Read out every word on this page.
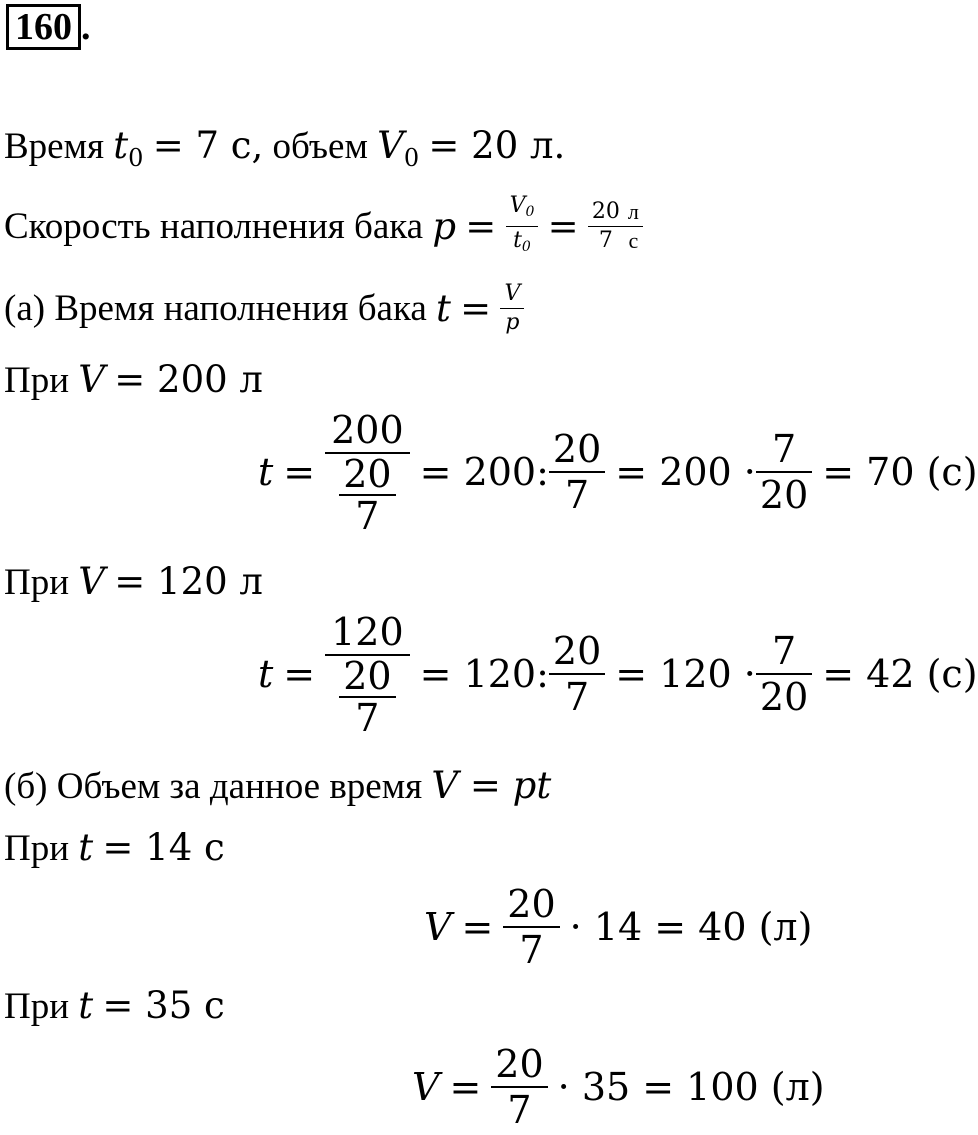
160 .
Время $t_0 = 7$ с, объем $V_0 = 20$ л.
Скорость наполнения бака
p
=
$\frac{V_0}{t_0}$
=
$\frac{20}{7} \frac{л}{с}$
(а) Время наполнения бака
t
=
$\frac{V}{p}$
При V = 200 л
$t = \frac{200}{\frac{20}{7}} = 200$: $\frac{20}{7} = 200 \cdot \frac{7}{20} = 70$ (с)
При V = 120 л
$t = \frac{120}{\frac{20}{7}} = 120$: $\frac{20}{7} = 120 \cdot \frac{7}{20} = 42$ (с)
(б) Объем за данное время V = pt
При t = 14 с
$V = \frac{20}{7} \cdot 14 = 40$ (л)
При t = 35 с
$V = \frac{20}{7} \cdot 35 = 100$ (л)
